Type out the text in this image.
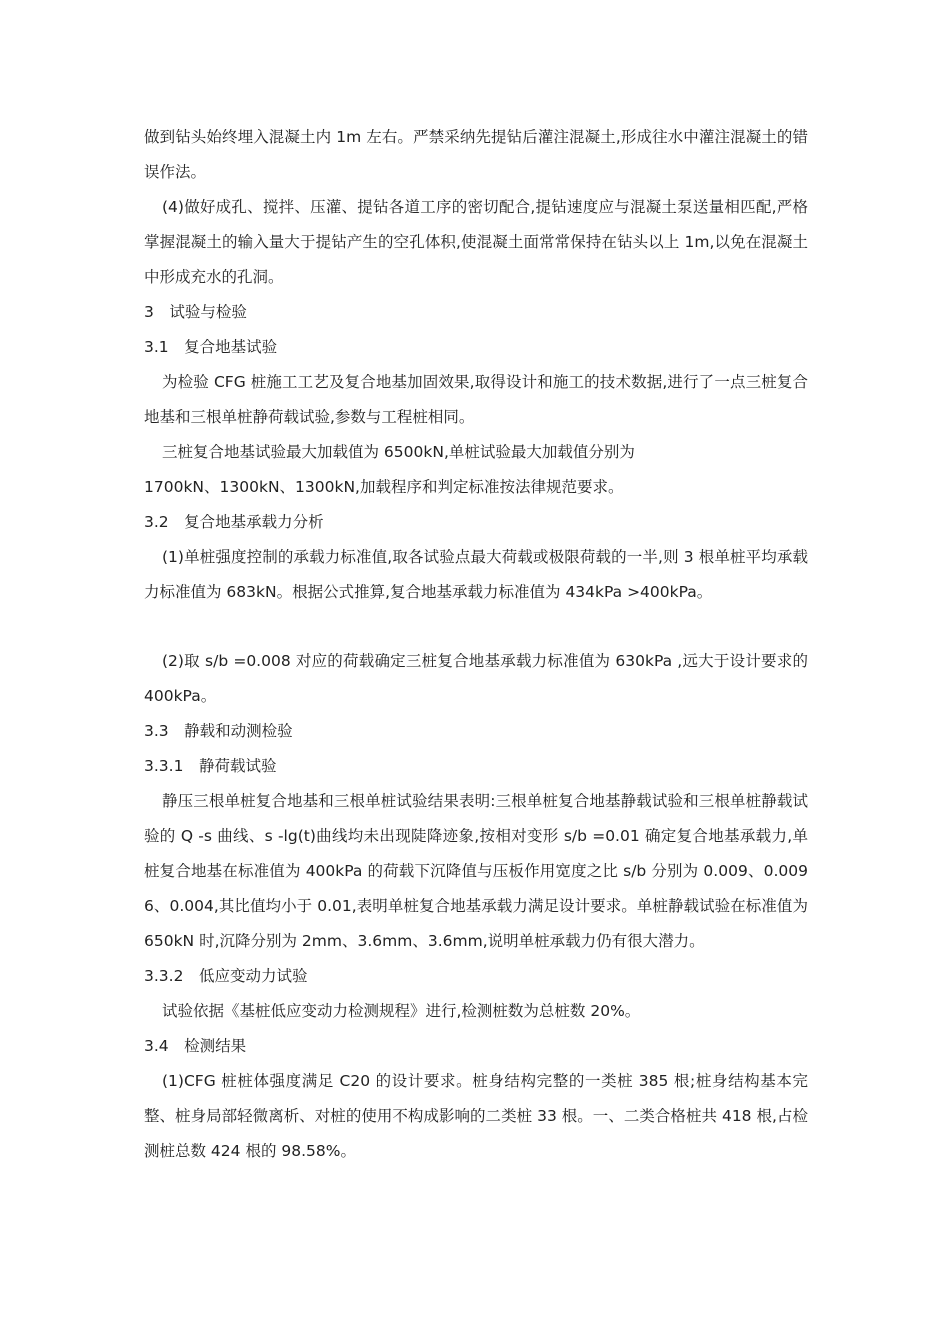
做到钻头始终埋入混凝土内 1m 左右。严禁采纳先提钻后灌注混凝土,形成往水中灌注混凝土的错误作法。

(4)做好成孔、搅拌、压灌、提钻各道工序的密切配合,提钻速度应与混凝土泵送量相匹配,严格掌握混凝土的输入量大于提钻产生的空孔体积,使混凝土面常常保持在钻头以上 1m,以免在混凝土中形成充水的孔洞。

3　试验与检验

3.1　复合地基试验

为检验 CFG 桩施工工艺及复合地基加固效果,取得设计和施工的技术数据,进行了一点三桩复合地基和三根单桩静荷载试验,参数与工程桩相同。

三桩复合地基试验最大加载值为 6500kN,单桩试验最大加载值分别为

1700kN、1300kN、1300kN,加载程序和判定标准按法律规范要求。

3.2　复合地基承载力分析

(1)单桩强度控制的承载力标准值,取各试验点最大荷载或极限荷载的一半,则 3 根单桩平均承载力标准值为 683kN。根据公式推算,复合地基承载力标准值为 434kPa >400kPa。

(2)取 s/b =0.008 对应的荷载确定三桩复合地基承载力标准值为 630kPa ,远大于设计要求的 400kPa。

3.3　静载和动测检验

3.3.1　静荷载试验

静压三根单桩复合地基和三根单桩试验结果表明:三根单桩复合地基静载试验和三根单桩静载试验的 Q -s 曲线、s -lg(t)曲线均未出现陡降迹象,按相对变形 s/b =0.01 确定复合地基承载力,单桩复合地基在标准值为 400kPa 的荷载下沉降值与压板作用宽度之比 s/b 分别为 0.009、0.0096、0.004,其比值均小于 0.01,表明单桩复合地基承载力满足设计要求。单桩静载试验在标准值为 650kN 时,沉降分别为 2mm、3.6mm、3.6mm,说明单桩承载力仍有很大潜力。

3.3.2　低应变动力试验

试验依据《基桩低应变动力检测规程》进行,检测桩数为总桩数 20%。

3.4　检测结果

(1)CFG 桩桩体强度满足 C20 的设计要求。桩身结构完整的一类桩 385 根;桩身结构基本完整、桩身局部轻微离析、对桩的使用不构成影响的二类桩 33 根。一、二类合格桩共 418 根,占检测桩总数 424 根的 98.58%。
